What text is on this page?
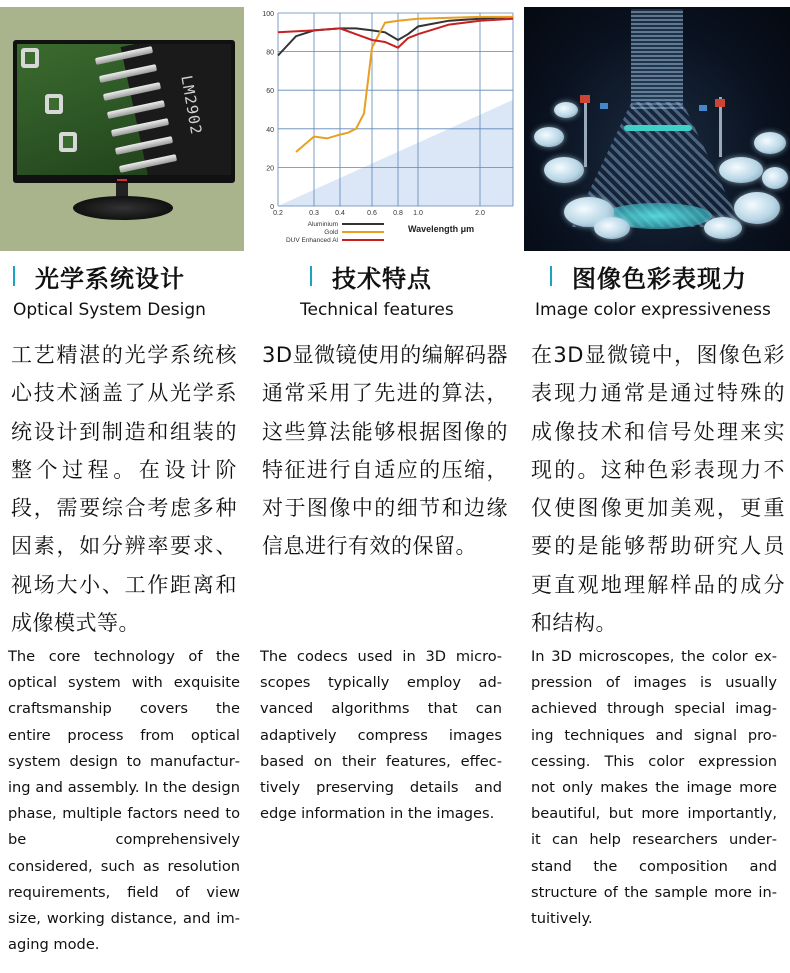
LM2902
0
20
40
60
80
100
0.2	0.3 0.4	0.6 0.8 1.0	2.0
Aluminium
Gold
DUV Enhanced Al
Wavelength μm
光学系统设计
Optical System Design
工艺精湛的光学系统核心技术涵盖了从光学系统设计到制造和组装的整个过程。在设计阶段，需要综合考虑多种因素，如分辨率要求、视场大小、工作距离和成像模式等。
The core technology of the optical system with exquisite craftsmanship covers the entire process from optical system design to manufacturing and assembly. In the design phase, multiple factors need to be comprehensively considered, such as resolution requirements, field of view size, working distance, and imaging mode.
技术特点
Technical features
3D显微镜使用的编解码器通常采用了先进的算法，这些算法能够根据图像的特征进行自适应的压缩，对于图像中的细节和边缘信息进行有效的保留。
The codecs used in 3D microscopes typically employ advanced algorithms that can adaptively compress images based on their features, effectively preserving details and edge information in the images.
图像色彩表现力
Image color expressiveness
在3D显微镜中，图像色彩表现力通常是通过特殊的成像技术和信号处理来实现的。这种色彩表现力不仅使图像更加美观，更重要的是能够帮助研究人员更直观地理解样品的成分和结构。
In 3D microscopes, the color expression of images is usually achieved through special imaging techniques and signal processing. This color expression not only makes the image more beautiful, but more importantly, it can help researchers understand the composition and structure of the sample more intuitively.
